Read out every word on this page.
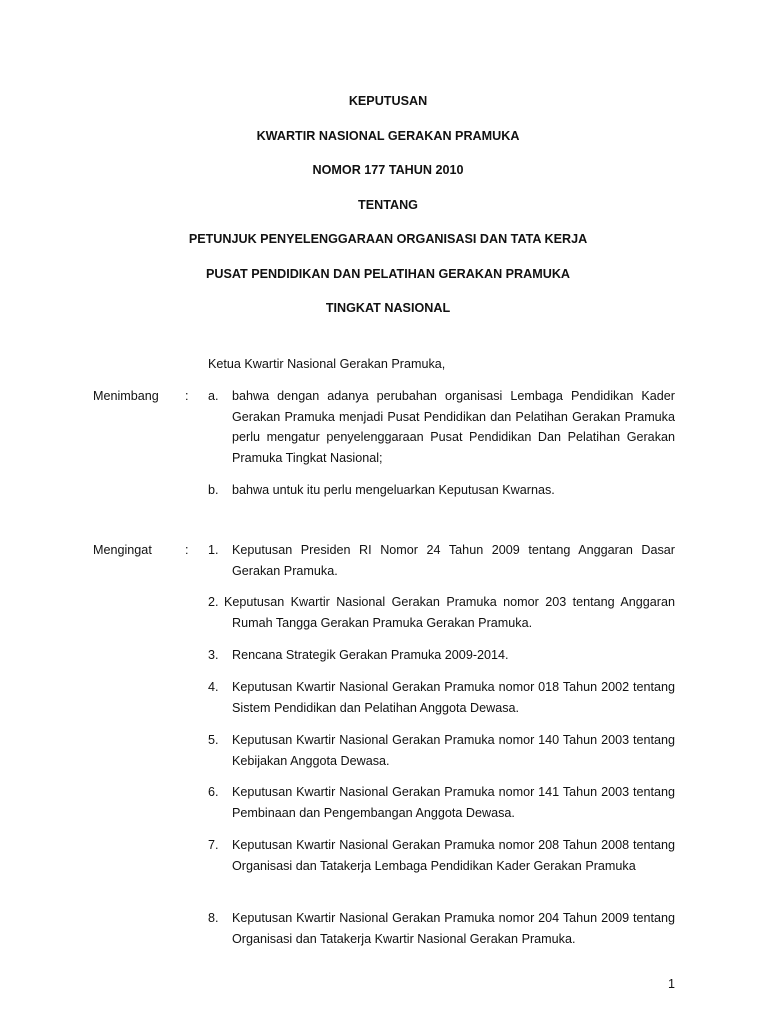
KEPUTUSAN
KWARTIR NASIONAL GERAKAN PRAMUKA
NOMOR 177 TAHUN 2010
TENTANG
PETUNJUK PENYELENGGARAAN ORGANISASI DAN TATA KERJA
PUSAT PENDIDIKAN DAN PELATIHAN GERAKAN PRAMUKA
TINGKAT NASIONAL
Ketua Kwartir Nasional Gerakan Pramuka,
Menimbang : a. bahwa dengan adanya perubahan organisasi Lembaga Pendidikan Kader Gerakan Pramuka menjadi Pusat Pendidikan dan Pelatihan Gerakan Pramuka perlu mengatur penyelenggaraan Pusat Pendidikan Dan Pelatihan Gerakan Pramuka Tingkat Nasional;
b. bahwa untuk itu perlu mengeluarkan Keputusan Kwarnas.
Mengingat	: 1. Keputusan Presiden RI Nomor 24 Tahun 2009 tentang Anggaran Dasar Gerakan Pramuka.
2. Keputusan Kwartir Nasional Gerakan Pramuka nomor 203 tentang Anggaran Rumah Tangga Gerakan Pramuka Gerakan Pramuka.
3. Rencana Strategik Gerakan Pramuka 2009-2014.
4. Keputusan Kwartir Nasional Gerakan Pramuka nomor 018 Tahun 2002 tentang Sistem Pendidikan dan Pelatihan Anggota Dewasa.
5. Keputusan Kwartir Nasional Gerakan Pramuka nomor 140 Tahun 2003 tentang Kebijakan Anggota Dewasa.
6. Keputusan Kwartir Nasional Gerakan Pramuka nomor 141 Tahun 2003 tentang Pembinaan dan Pengembangan Anggota Dewasa.
7. Keputusan Kwartir Nasional Gerakan Pramuka nomor 208 Tahun 2008 tentang Organisasi dan Tatakerja Lembaga Pendidikan Kader Gerakan Pramuka
8. Keputusan Kwartir Nasional Gerakan Pramuka nomor 204 Tahun 2009 tentang Organisasi dan Tatakerja Kwartir Nasional Gerakan Pramuka.
1
